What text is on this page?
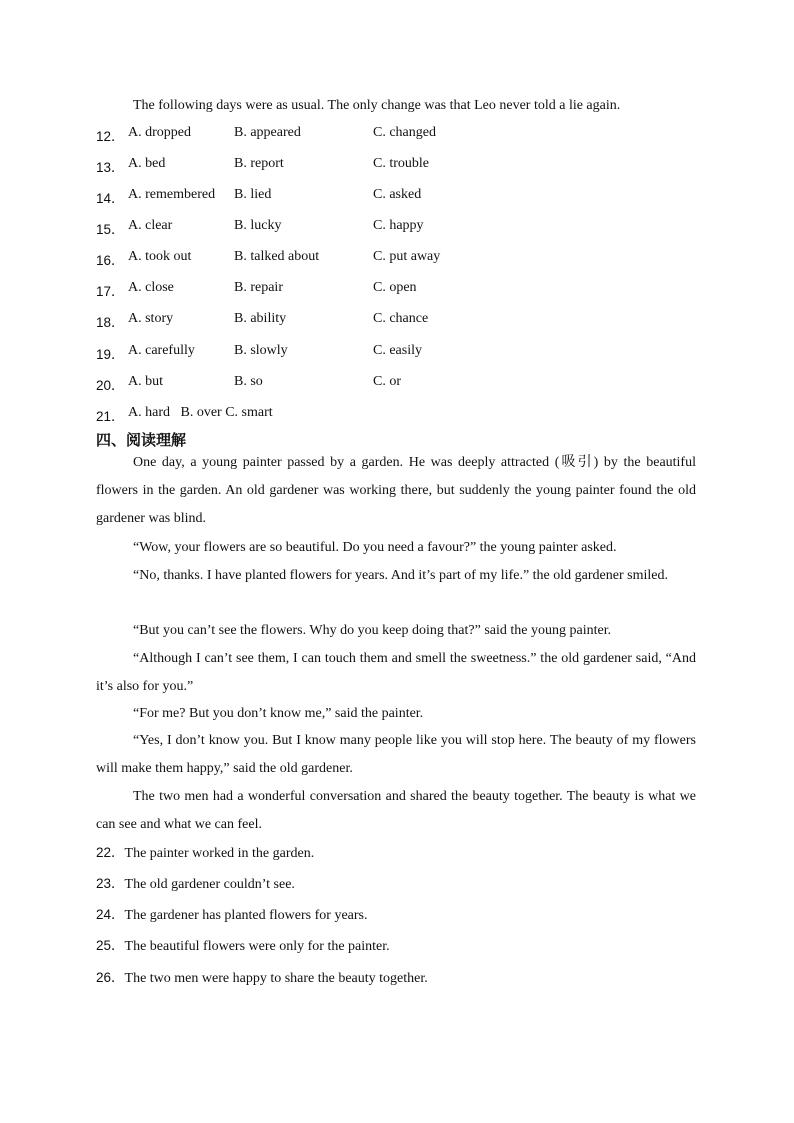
The following days were as usual. The only change was that Leo never told a lie again.
12． A. dropped	B. appeared	C. changed
13． A. bed	B. report	C. trouble
14． A. remembered B. lied	C. asked
15． A. clear	B. lucky	C. happy
16． A. took out	B. talked about	C. put away
17． A. close	B. repair	C. open
18． A. story	B. ability	C. chance
19． A. carefully	B. slowly	C. easily
20． A. but	B. so	C. or
21． A. hard   B. over C. smart
四、阅读理解
One day, a young painter passed by a garden. He was deeply attracted (吸引) by the beautiful flowers in the garden. An old gardener was working there, but suddenly the young painter found the old gardener was blind.
“Wow, your flowers are so beautiful. Do you need a favour?” the young painter asked.
“No, thanks. I have planted flowers for years. And it’s part of my life.” the old gardener smiled.
“But you can’t see the flowers. Why do you keep doing that?” said the young painter.
“Although I can’t see them, I can touch them and smell the sweetness.” the old gardener said, “And it’s also for you.”
“For me? But you don’t know me,” said the painter.
“Yes, I don’t know you. But I know many people like you will stop here. The beauty of my flowers will make them happy,” said the old gardener.
The two men had a wonderful conversation and shared the beauty together. The beauty is what we can see and what we can feel.
22．The painter worked in the garden.
23．The old gardener couldn’t see.
24．The gardener has planted flowers for years.
25．The beautiful flowers were only for the painter.
26．The two men were happy to share the beauty together.
